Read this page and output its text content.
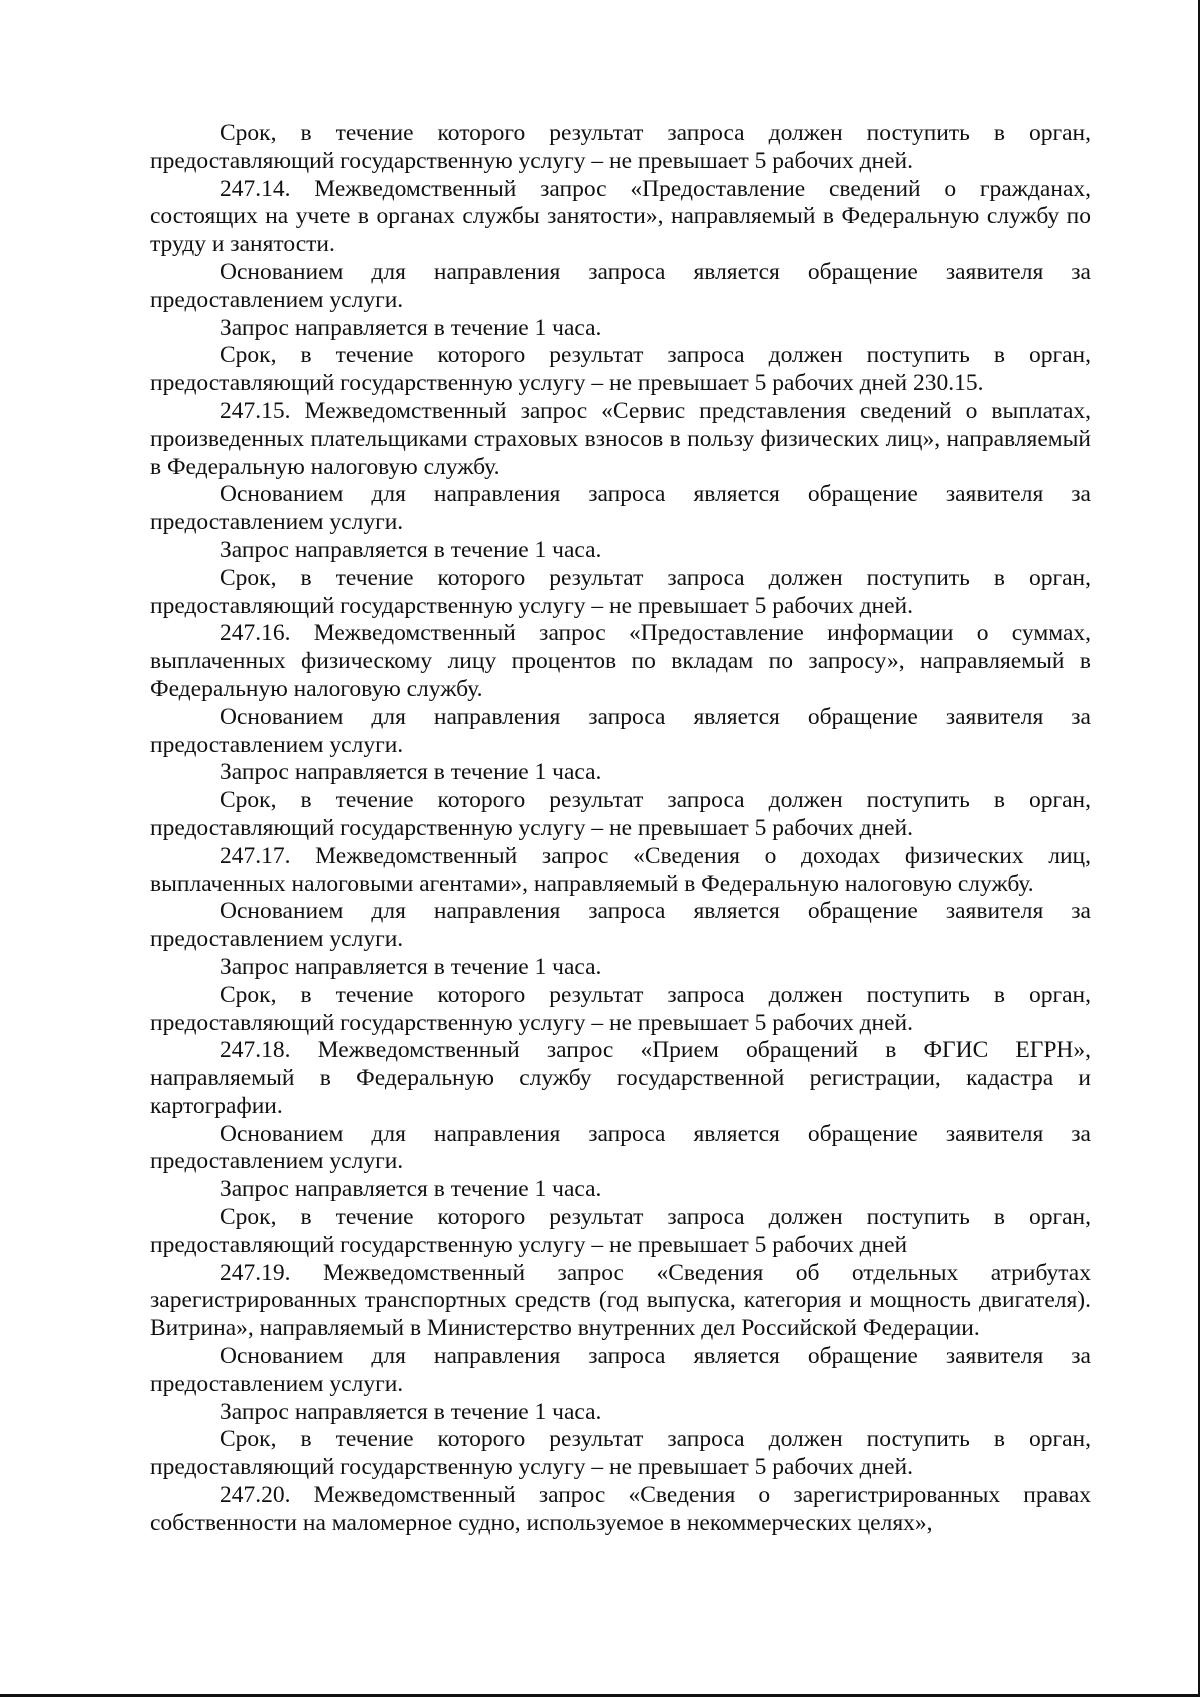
Срок, в течение которого результат запроса должен поступить в орган, предоставляющий государственную услугу – не превышает 5 рабочих дней.

247.14. Межведомственный запрос «Предоставление сведений о гражданах, состоящих на учете в органах службы занятости», направляемый в Федеральную службу по труду и занятости.

Основанием для направления запроса является обращение заявителя за предоставлением услуги.

Запрос направляется в течение 1 часа.

Срок, в течение которого результат запроса должен поступить в орган, предоставляющий государственную услугу – не превышает 5 рабочих дней 230.15.

247.15. Межведомственный запрос «Сервис представления сведений о выплатах, произведенных плательщиками страховых взносов в пользу физических лиц», направляемый в Федеральную налоговую службу.

Основанием для направления запроса является обращение заявителя за предоставлением услуги.

Запрос направляется в течение 1 часа.

Срок, в течение которого результат запроса должен поступить в орган, предоставляющий государственную услугу – не превышает 5 рабочих дней.

247.16. Межведомственный запрос «Предоставление информации о суммах, выплаченных физическому лицу процентов по вкладам по запросу», направляемый в Федеральную налоговую службу.

Основанием для направления запроса является обращение заявителя за предоставлением услуги.

Запрос направляется в течение 1 часа.

Срок, в течение которого результат запроса должен поступить в орган, предоставляющий государственную услугу – не превышает 5 рабочих дней.

247.17. Межведомственный запрос «Сведения о доходах физических лиц, выплаченных налоговыми агентами», направляемый в Федеральную налоговую службу.

Основанием для направления запроса является обращение заявителя за предоставлением услуги.

Запрос направляется в течение 1 часа.

Срок, в течение которого результат запроса должен поступить в орган, предоставляющий государственную услугу – не превышает 5 рабочих дней.

247.18. Межведомственный запрос «Прием обращений в ФГИС ЕГРН», направляемый в Федеральную службу государственной регистрации, кадастра и картографии.

Основанием для направления запроса является обращение заявителя за предоставлением услуги.

Запрос направляется в течение 1 часа.

Срок, в течение которого результат запроса должен поступить в орган, предоставляющий государственную услугу – не превышает 5 рабочих дней

247.19. Межведомственный запрос «Сведения об отдельных атрибутах зарегистрированных транспортных средств (год выпуска, категория и мощность двигателя). Витрина», направляемый в Министерство внутренних дел Российской Федерации.

Основанием для направления запроса является обращение заявителя за предоставлением услуги.

Запрос направляется в течение 1 часа.

Срок, в течение которого результат запроса должен поступить в орган, предоставляющий государственную услугу – не превышает 5 рабочих дней.

247.20. Межведомственный запрос «Сведения о зарегистрированных правах собственности на маломерное судно, используемое в некоммерческих целях»,
